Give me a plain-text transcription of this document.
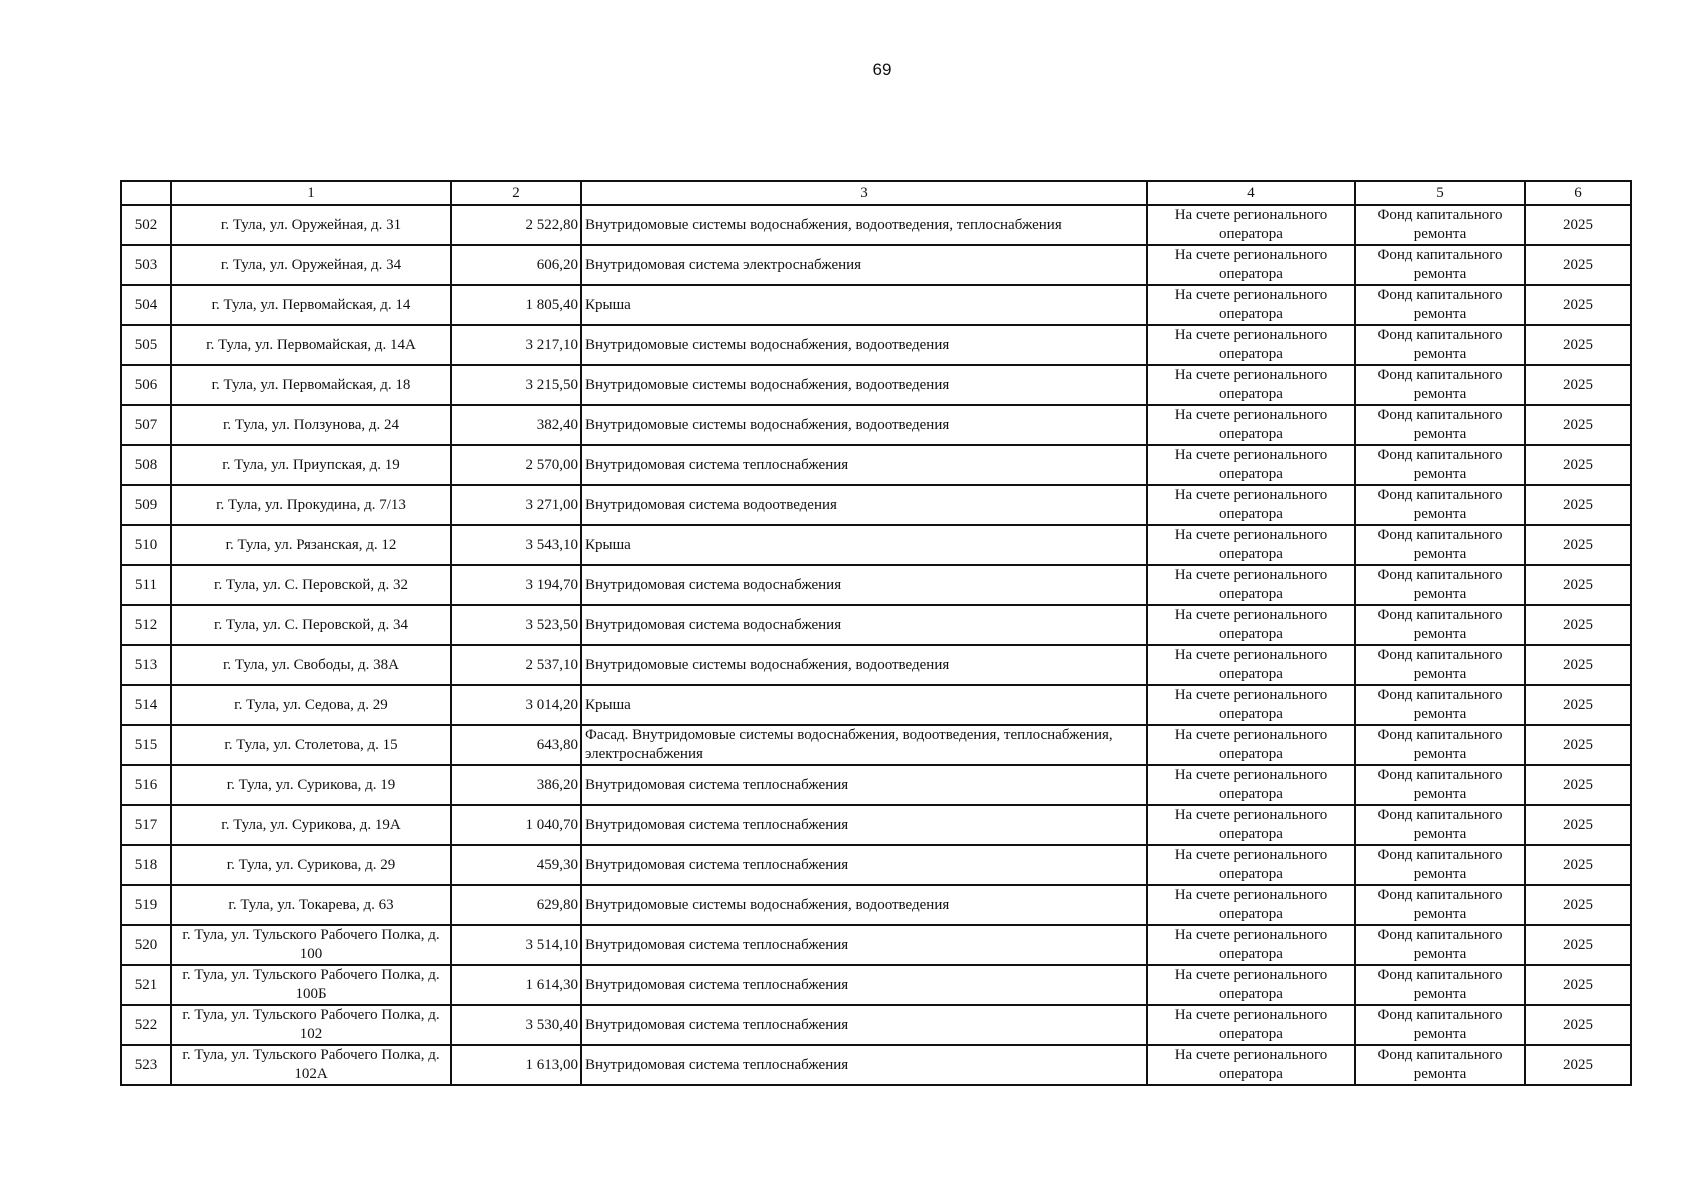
69
	1	2	3	4	5	6
502	г. Тула, ул. Оружейная, д. 31	2 522,80	Внутридомовые системы водоснабжения, водоотведения, теплоснабжения	На счете регионального оператора	Фонд капитального ремонта	2025
503	г. Тула, ул. Оружейная, д. 34	606,20	Внутридомовая система электроснабжения	На счете регионального оператора	Фонд капитального ремонта	2025
504	г. Тула, ул. Первомайская, д. 14	1 805,40	Крыша	На счете регионального оператора	Фонд капитального ремонта	2025
505	г. Тула, ул. Первомайская, д. 14А	3 217,10	Внутридомовые системы водоснабжения, водоотведения	На счете регионального оператора	Фонд капитального ремонта	2025
506	г. Тула, ул. Первомайская, д. 18	3 215,50	Внутридомовые системы водоснабжения, водоотведения	На счете регионального оператора	Фонд капитального ремонта	2025
507	г. Тула, ул. Ползунова, д. 24	382,40	Внутридомовые системы водоснабжения, водоотведения	На счете регионального оператора	Фонд капитального ремонта	2025
508	г. Тула, ул. Приупская, д. 19	2 570,00	Внутридомовая система теплоснабжения	На счете регионального оператора	Фонд капитального ремонта	2025
509	г. Тула, ул. Прокудина, д. 7/13	3 271,00	Внутридомовая система водоотведения	На счете регионального оператора	Фонд капитального ремонта	2025
510	г. Тула, ул. Рязанская, д. 12	3 543,10	Крыша	На счете регионального оператора	Фонд капитального ремонта	2025
511	г. Тула, ул. С. Перовской, д. 32	3 194,70	Внутридомовая система водоснабжения	На счете регионального оператора	Фонд капитального ремонта	2025
512	г. Тула, ул. С. Перовской, д. 34	3 523,50	Внутридомовая система водоснабжения	На счете регионального оператора	Фонд капитального ремонта	2025
513	г. Тула, ул. Свободы, д. 38А	2 537,10	Внутридомовые системы водоснабжения, водоотведения	На счете регионального оператора	Фонд капитального ремонта	2025
514	г. Тула, ул. Седова, д. 29	3 014,20	Крыша	На счете регионального оператора	Фонд капитального ремонта	2025
515	г. Тула, ул. Столетова, д. 15	643,80	Фасад. Внутридомовые системы водоснабжения, водоотведения, теплоснабжения, электроснабжения	На счете регионального оператора	Фонд капитального ремонта	2025
516	г. Тула, ул. Сурикова, д. 19	386,20	Внутридомовая система теплоснабжения	На счете регионального оператора	Фонд капитального ремонта	2025
517	г. Тула, ул. Сурикова, д. 19А	1 040,70	Внутридомовая система теплоснабжения	На счете регионального оператора	Фонд капитального ремонта	2025
518	г. Тула, ул. Сурикова, д. 29	459,30	Внутридомовая система теплоснабжения	На счете регионального оператора	Фонд капитального ремонта	2025
519	г. Тула, ул. Токарева, д. 63	629,80	Внутридомовые системы водоснабжения, водоотведения	На счете регионального оператора	Фонд капитального ремонта	2025
520	г. Тула, ул. Тульского Рабочего Полка, д. 100	3 514,10	Внутридомовая система теплоснабжения	На счете регионального оператора	Фонд капитального ремонта	2025
521	г. Тула, ул. Тульского Рабочего Полка, д. 100Б	1 614,30	Внутридомовая система теплоснабжения	На счете регионального оператора	Фонд капитального ремонта	2025
522	г. Тула, ул. Тульского Рабочего Полка, д. 102	3 530,40	Внутридомовая система теплоснабжения	На счете регионального оператора	Фонд капитального ремонта	2025
523	г. Тула, ул. Тульского Рабочего Полка, д. 102А	1 613,00	Внутридомовая система теплоснабжения	На счете регионального оператора	Фонд капитального ремонта	2025
